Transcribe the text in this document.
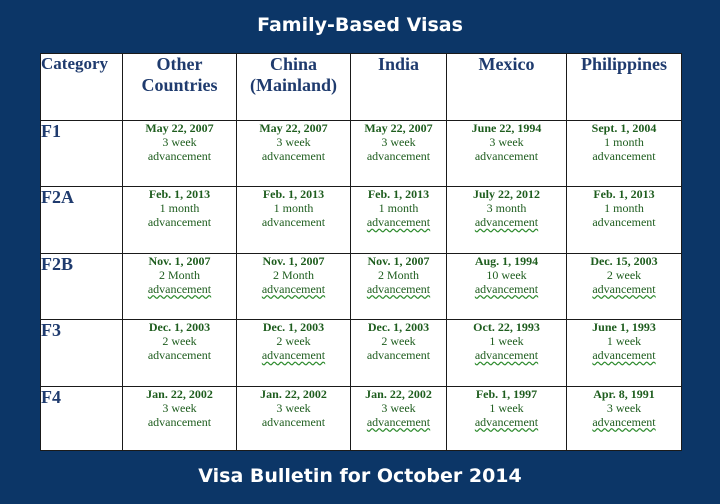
Family-Based Visas
Category	Other Countries	China (Mainland)	India	Mexico	Philippines
F1	May 22, 2007
3 week
advancement	May 22, 2007
3 week
advancement	May 22, 2007
3 week
advancement	June 22, 1994
3 week
advancement	Sept. 1, 2004
1 month
advancement

F2A	Feb. 1, 2013
1 month
advancement	Feb. 1, 2013
1 month
advancement	Feb. 1, 2013
1 month
advancement	July 22, 2012
3 month
advancement	Feb. 1, 2013
1 month
advancement

F2B	Nov. 1, 2007
2 Month
advancement	Nov. 1, 2007
2 Month
advancement	Nov. 1, 2007
2 Month
advancement	Aug. 1, 1994
10 week
advancement	Dec. 15, 2003
2 week
advancement

F3	Dec. 1, 2003
2 week
advancement	Dec. 1, 2003
2 week
advancement	Dec. 1, 2003
2 week
advancement	Oct. 22, 1993
1 week
advancement	June 1, 1993
1 week
advancement

F4	Jan. 22, 2002
3 week
advancement	Jan. 22, 2002
3 week
advancement	Jan. 22, 2002
3 week
advancement	Feb. 1, 1997
1 week
advancement	Apr. 8, 1991
3 week
advancement
Visa Bulletin for October 2014
